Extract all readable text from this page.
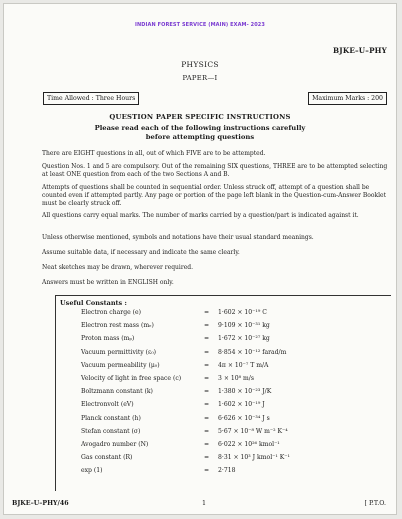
INDIAN FOREST SERVICE (MAIN) EXAM- 2023
BJKE–U–PHY
PHYSICS
PAPER—I
Time Allowed : Three Hours	Maximum Marks : 200
QUESTION PAPER SPECIFIC INSTRUCTIONS
Please read each of the following instructions carefully
before attempting questions

There are EIGHT questions in all, out of which FIVE are to be attempted.

Question Nos. 1 and 5 are compulsory. Out of the remaining SIX questions, THREE are to be attempted selecting at least ONE question from each of the two Sections A and B.

Attempts of questions shall be counted in sequential order. Unless struck off, attempt of a question shall be counted even if attempted partly. Any page or portion of the page left blank in the Question-cum-Answer Booklet must be clearly struck off.

All questions carry equal marks. The number of marks carried by a question/part is indicated against it.

Unless otherwise mentioned, symbols and notations have their usual standard meanings.

Assume suitable data, if necessary and indicate the same clearly.

Neat sketches may be drawn, wherever required.

Answers must be written in ENGLISH only.

Useful Constants :
Electron charge (e)	= 1·602 × 10⁻¹⁹ C
Electron rest mass (mₑ)	= 9·109 × 10⁻³¹ kg
Proton mass (mₚ)	= 1·672 × 10⁻²⁷ kg
Vacuum permittivity (ε₀)	= 8·854 × 10⁻¹² farad/m
Vacuum permeability (μ₀)	= 4π × 10⁻⁷ T m/A
Velocity of light in free space (c)	= 3 × 10⁸ m/s
Boltzmann constant (k)	= 1·380 × 10⁻²³ J/K
Electronvolt (eV)	= 1·602 × 10⁻¹⁹ J
Planck constant (h)	= 6·626 × 10⁻³⁴ J s
Stefan constant (σ)	= 5·67 × 10⁻⁸ W m⁻² K⁻⁴
Avogadro number (N)	= 6·022 × 10²⁶ kmol⁻¹
Gas constant (R)	= 8·31 × 10³ J kmol⁻¹ K⁻¹
exp (1)	= 2·718
BJKE–U–PHY/46	1	[ P.T.O.
